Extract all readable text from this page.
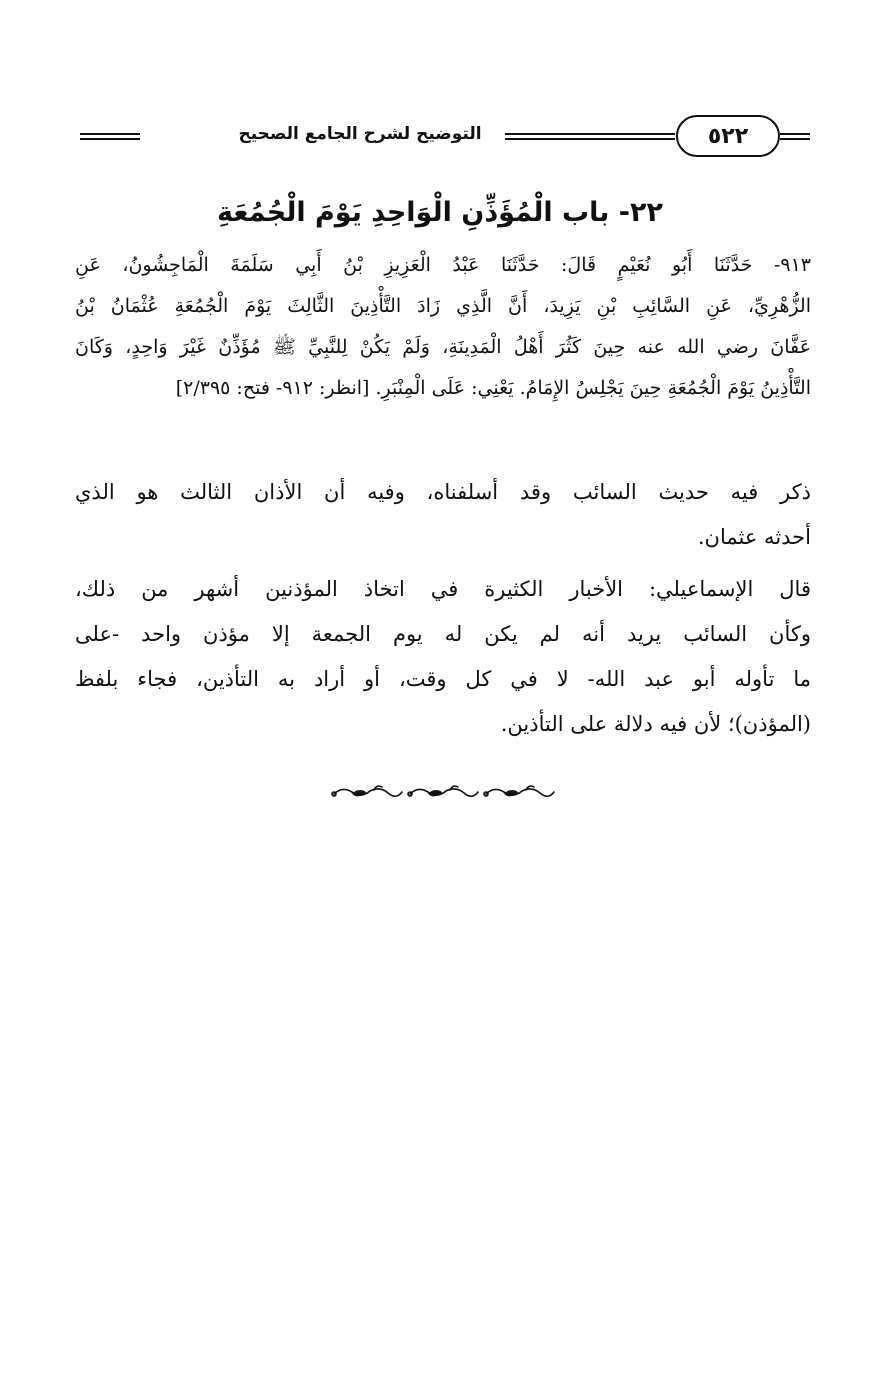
٥٢٢
التوضيح لشرح الجامع الصحيح
٢٢- باب الْمُؤَذِّنِ الْوَاحِدِ يَوْمَ الْجُمُعَةِ
٩١٣- حَدَّثَنَا أَبُو نُعَيْمٍ قَالَ: حَدَّثَنَا عَبْدُ الْعَزِيزِ بْنُ أَبِي سَلَمَةَ الْمَاجِشُونُ، عَنِ
الزُّهْرِيِّ، عَنِ السَّائِبِ بْنِ يَزِيدَ، أَنَّ الَّذِي زَادَ التَّأْذِينَ الثَّالِثَ يَوْمَ الْجُمُعَةِ عُثْمَانُ بْنُ
عَفَّانَ رضي الله عنه حِينَ كَثُرَ أَهْلُ الْمَدِينَةِ، وَلَمْ يَكُنْ لِلنَّبِيِّ ﷺ مُؤَذِّنٌ غَيْرَ وَاحِدٍ، وَكَانَ
التَّأْذِينُ يَوْمَ الْجُمُعَةِ حِينَ يَجْلِسُ الإِمَامُ. يَعْنِي: عَلَى الْمِنْبَرِ. [انظر: ٩١٢- فتح: ٢/٣٩٥]
ذكر فيه حديث السائب وقد أسلفناه، وفيه أن الأذان الثالث هو الذي
أحدثه عثمان.
قال الإسماعيلي: الأخبار الكثيرة في اتخاذ المؤذنين أشهر من ذلك،
وكأن السائب يريد أنه لم يكن له يوم الجمعة إلا مؤذن واحد -على
ما تأوله أبو عبد الله- لا في كل وقت، أو أراد به التأذين، فجاء بلفظ
(المؤذن)؛ لأن فيه دلالة على التأذين.
